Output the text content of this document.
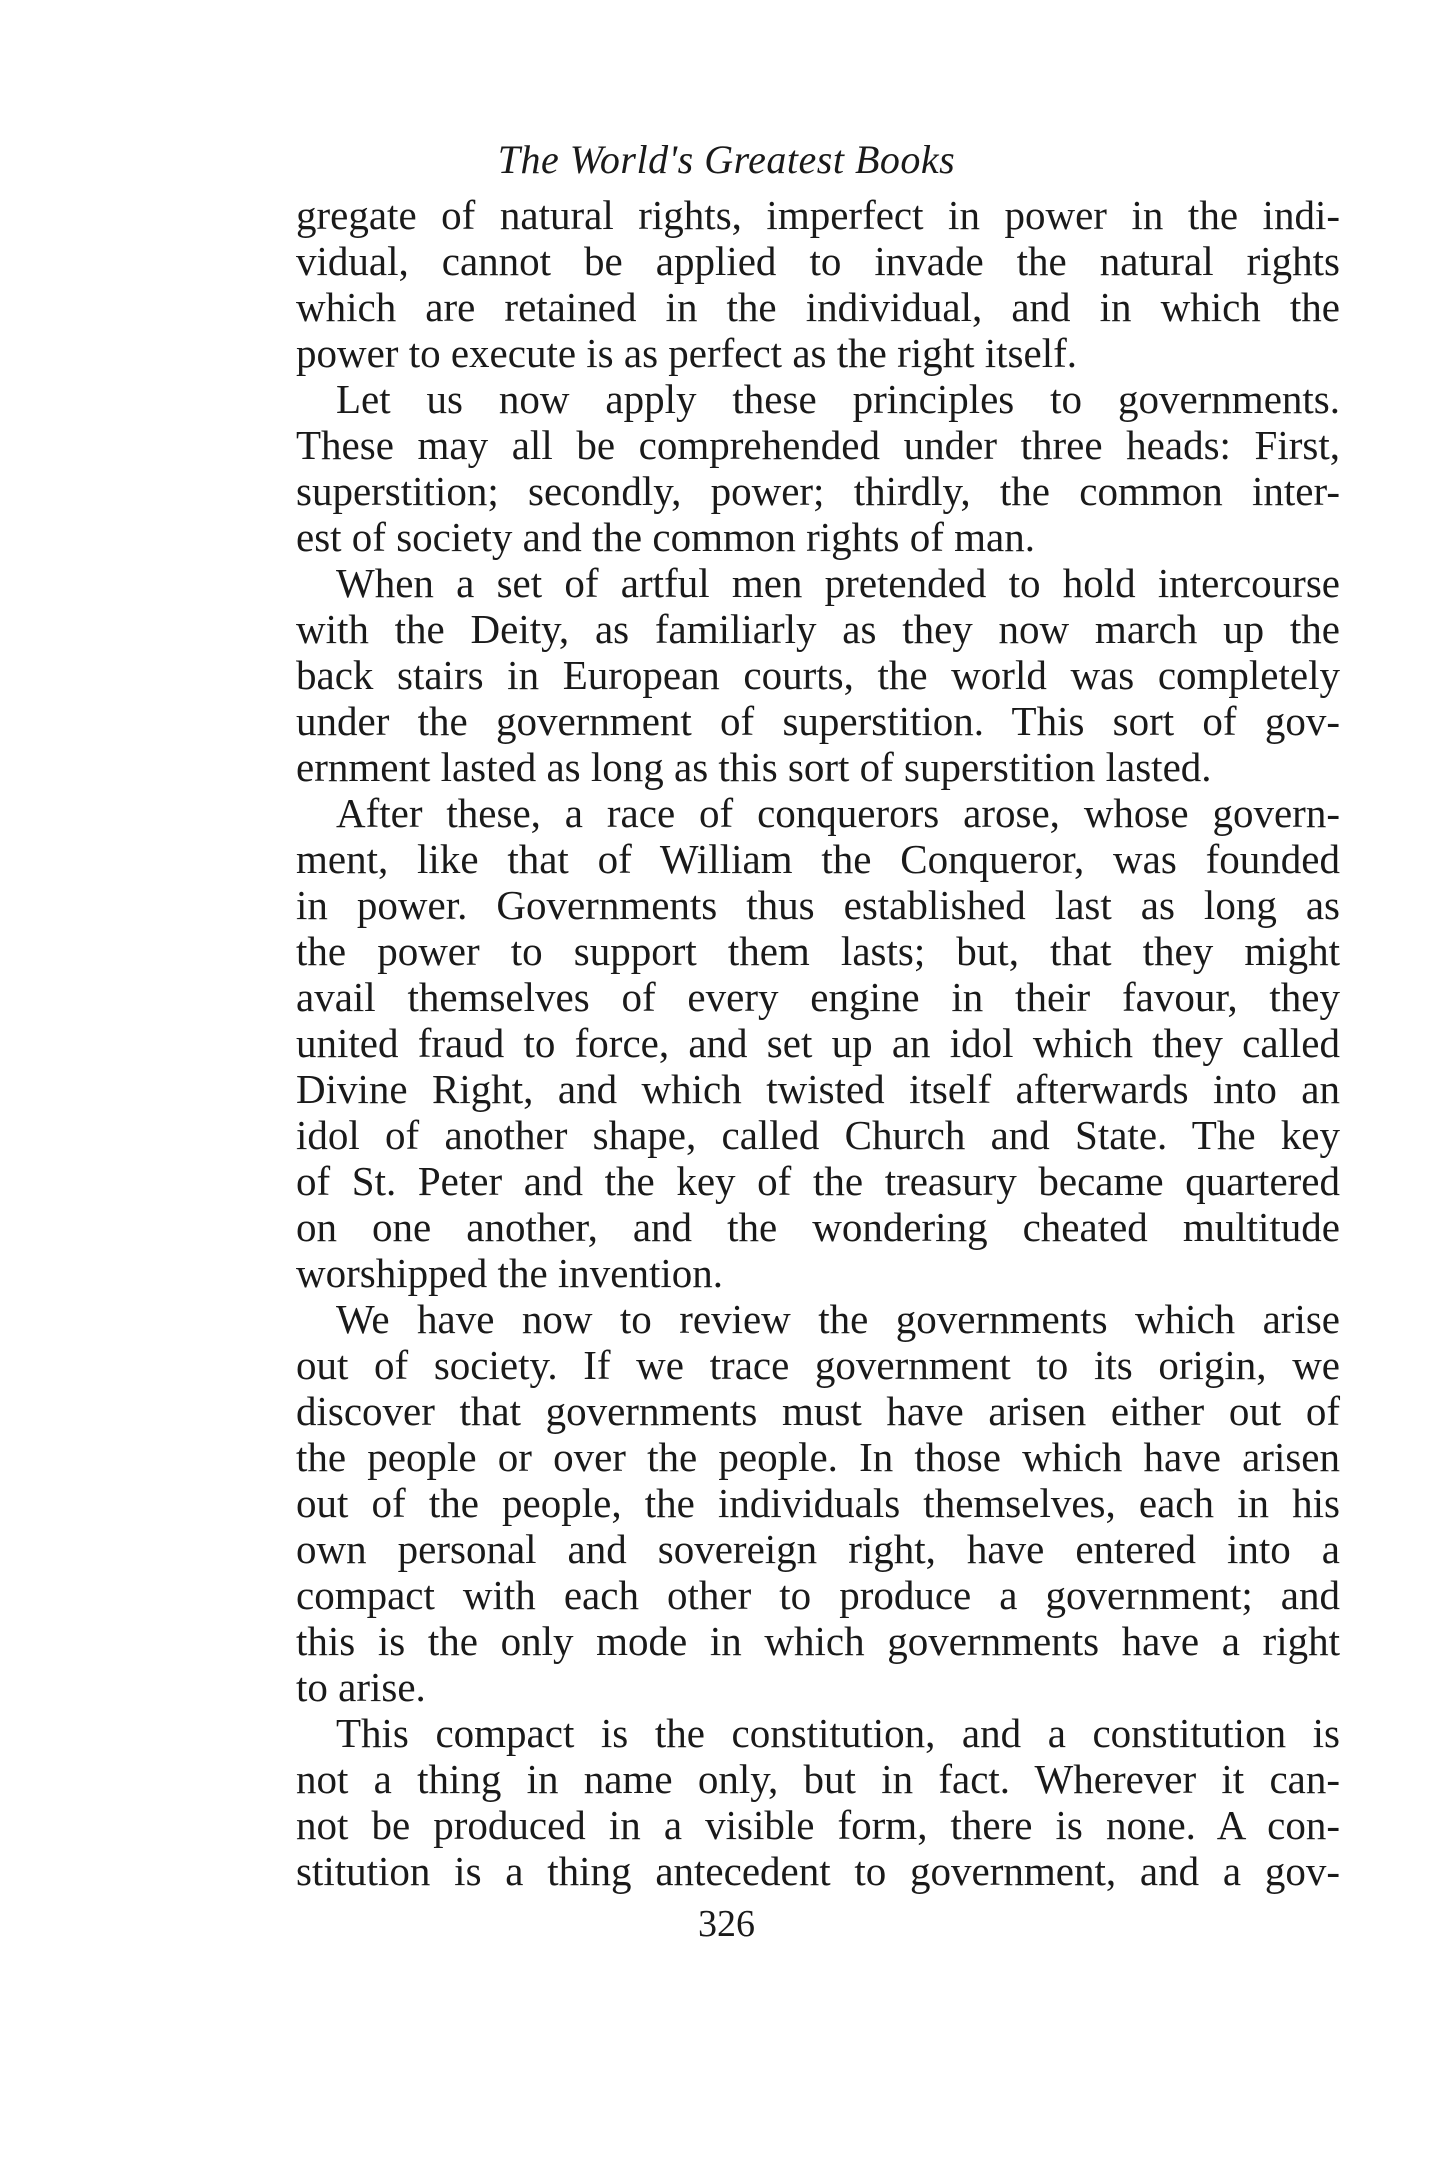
The World's Greatest Books
gregate of natural rights, imperfect in power in the indi-
vidual, cannot be applied to invade the natural rights
which are retained in the individual, and in which the
power to execute is as perfect as the right itself.
Let us now apply these principles to governments.
These may all be comprehended under three heads: First,
superstition; secondly, power; thirdly, the common inter-
est of society and the common rights of man.
When a set of artful men pretended to hold intercourse
with the Deity, as familiarly as they now march up the
back stairs in European courts, the world was completely
under the government of superstition. This sort of gov-
ernment lasted as long as this sort of superstition lasted.
After these, a race of conquerors arose, whose govern-
ment, like that of William the Conqueror, was founded
in power. Governments thus established last as long as
the power to support them lasts; but, that they might
avail themselves of every engine in their favour, they
united fraud to force, and set up an idol which they called
Divine Right, and which twisted itself afterwards into an
idol of another shape, called Church and State. The key
of St. Peter and the key of the treasury became quartered
on one another, and the wondering cheated multitude
worshipped the invention.
We have now to review the governments which arise
out of society. If we trace government to its origin, we
discover that governments must have arisen either out of
the people or over the people. In those which have arisen
out of the people, the individuals themselves, each in his
own personal and sovereign right, have entered into a
compact with each other to produce a government; and
this is the only mode in which governments have a right
to arise.
This compact is the constitution, and a constitution is
not a thing in name only, but in fact. Wherever it can-
not be produced in a visible form, there is none. A con-
stitution is a thing antecedent to government, and a gov-
326
